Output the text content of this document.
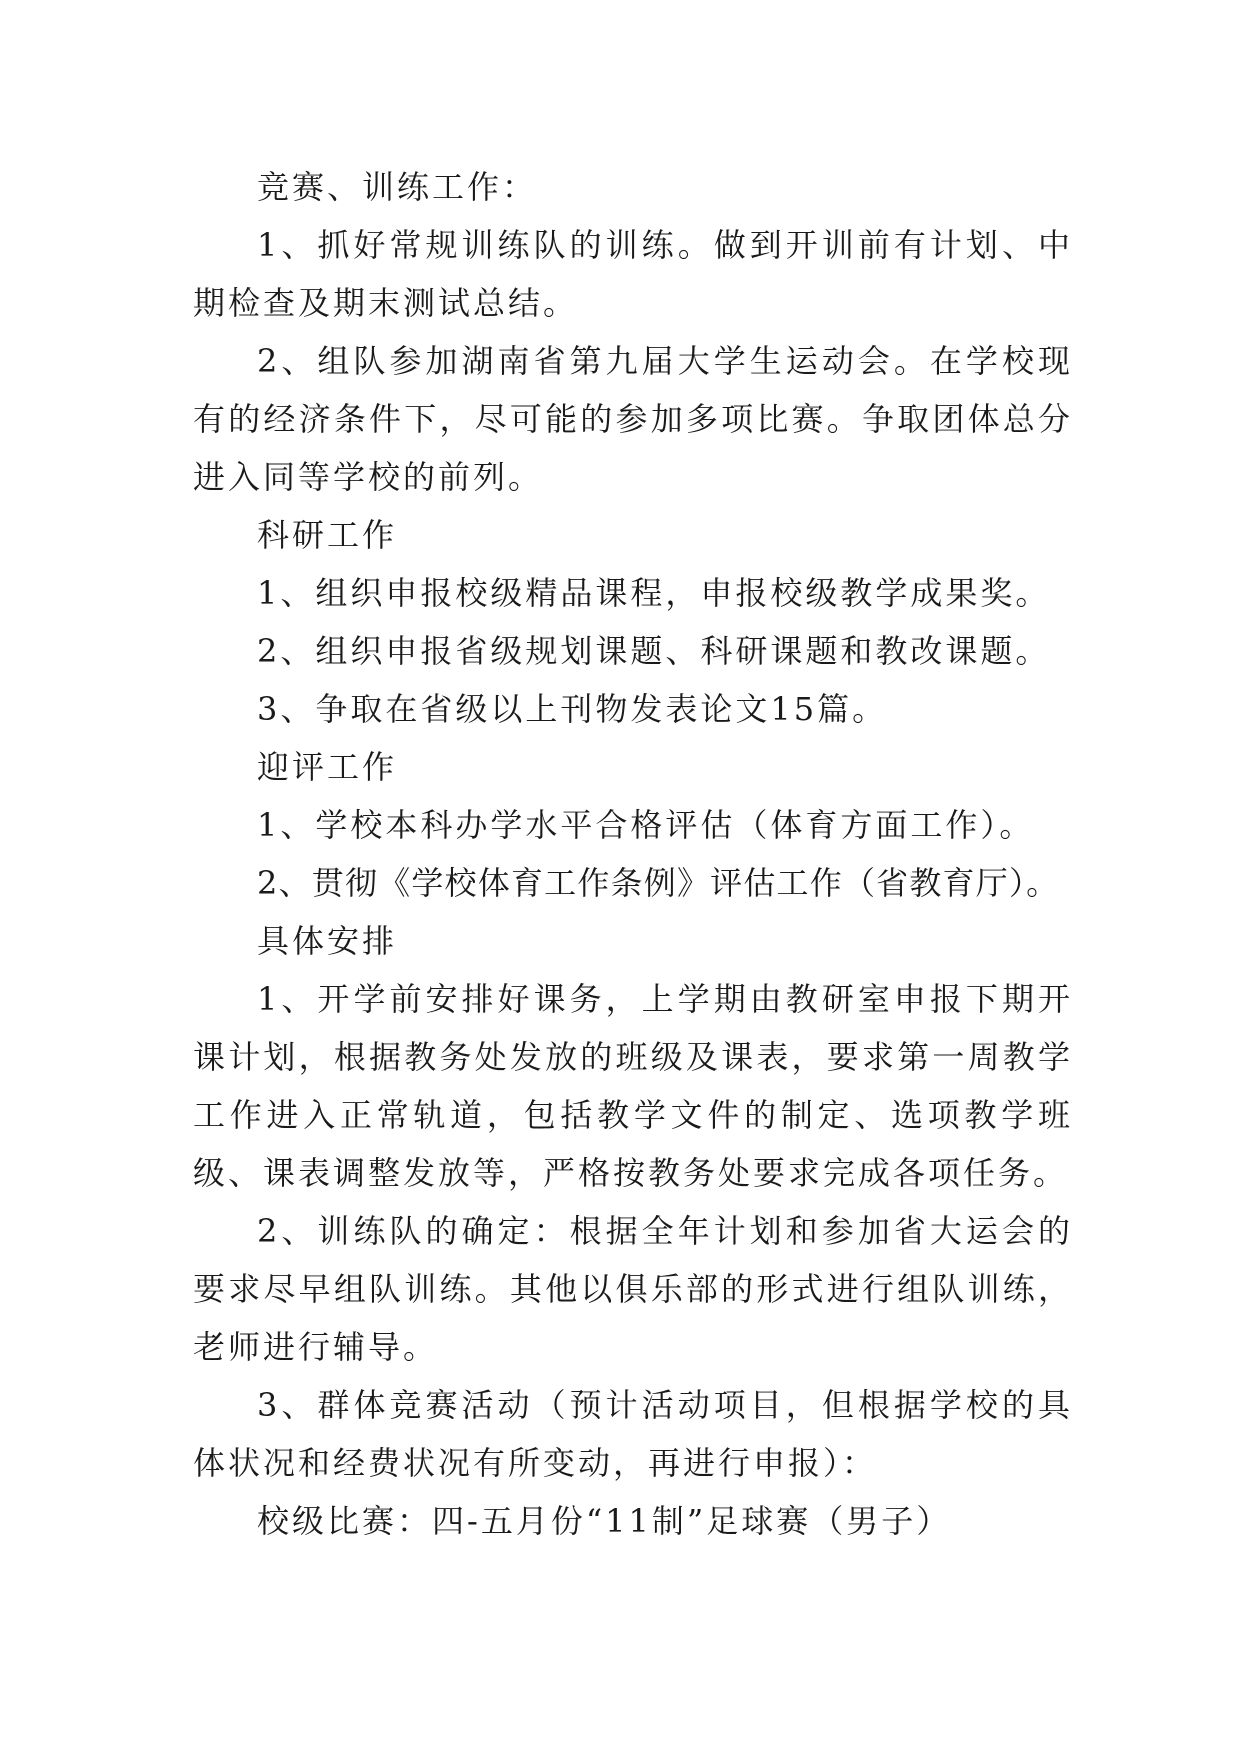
竞赛、训练工作：

1、抓好常规训练队的训练。做到开训前有计划、中期检查及期末测试总结。

2、组队参加湖南省第九届大学生运动会。在学校现有的经济条件下，尽可能的参加多项比赛。争取团体总分进入同等学校的前列。

科研工作

1、组织申报校级精品课程，申报校级教学成果奖。

2、组织申报省级规划课题、科研课题和教改课题。

3、争取在省级以上刊物发表论文15篇。

迎评工作

1、学校本科办学水平合格评估（体育方面工作）。

2、贯彻《学校体育工作条例》评估工作（省教育厅）。

具体安排

1、开学前安排好课务，上学期由教研室申报下期开课计划，根据教务处发放的班级及课表，要求第一周教学工作进入正常轨道，包括教学文件的制定、选项教学班级、课表调整发放等，严格按教务处要求完成各项任务。

2、训练队的确定：根据全年计划和参加省大运会的要求尽早组队训练。其他以俱乐部的形式进行组队训练，老师进行辅导。

3、群体竞赛活动（预计活动项目，但根据学校的具体状况和经费状况有所变动，再进行申报）：

校级比赛：四-五月份“11制”足球赛（男子）
